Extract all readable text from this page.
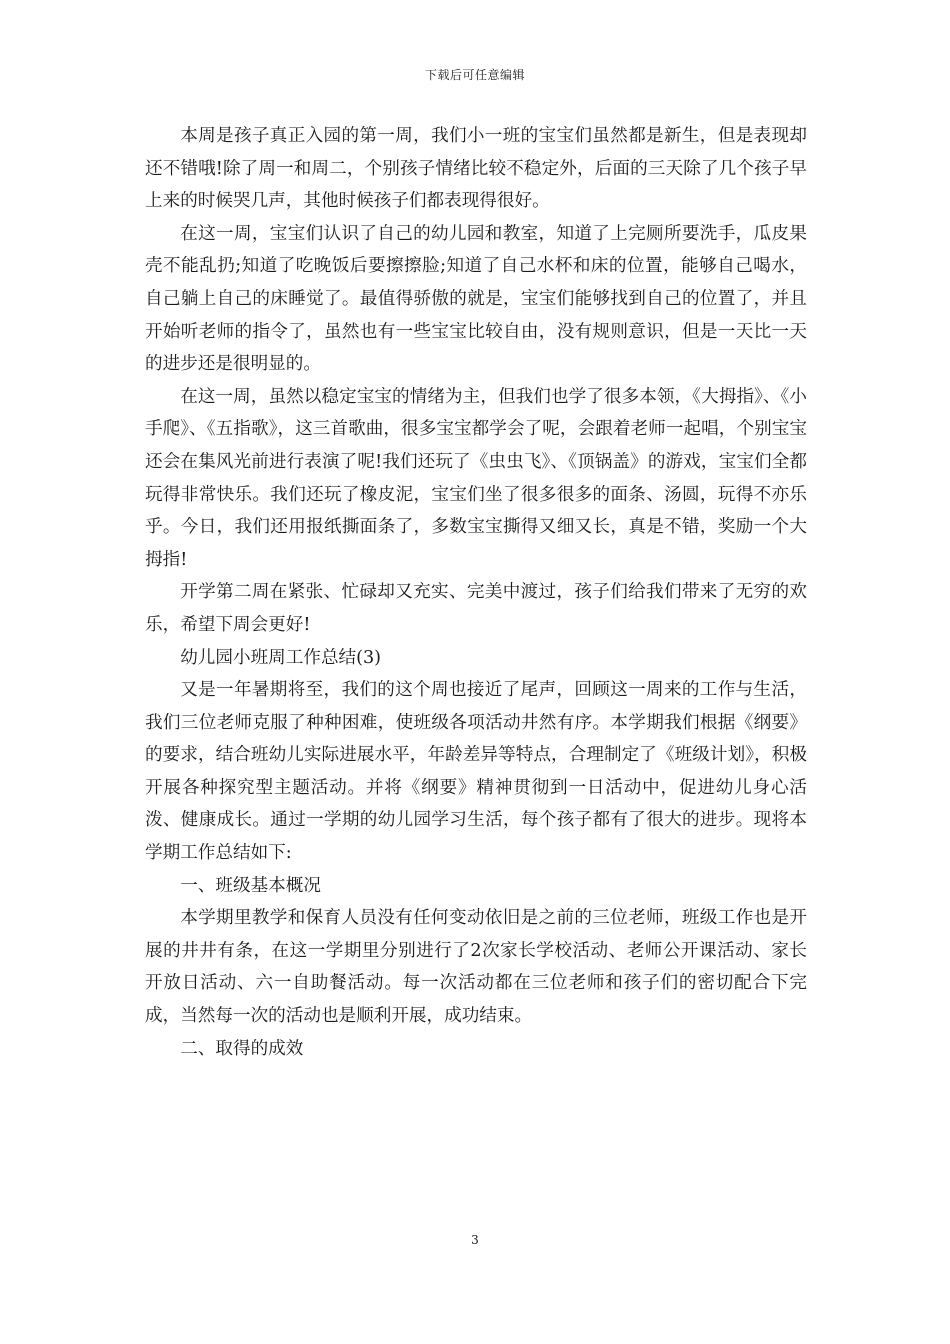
下载后可任意编辑

本周是孩子真正入园的第一周，我们小一班的宝宝们虽然都是新生，但是表现却还不错哦!除了周一和周二，个别孩子情绪比较不稳定外，后面的三天除了几个孩子早上来的时候哭几声，其他时候孩子们都表现得很好。

在这一周，宝宝们认识了自己的幼儿园和教室，知道了上完厕所要洗手，瓜皮果壳不能乱扔;知道了吃晚饭后要擦擦脸;知道了自己水杯和床的位置，能够自己喝水，自己躺上自己的床睡觉了。最值得骄傲的就是，宝宝们能够找到自己的位置了，并且开始听老师的指令了，虽然也有一些宝宝比较自由，没有规则意识，但是一天比一天的进步还是很明显的。

在这一周，虽然以稳定宝宝的情绪为主，但我们也学了很多本领，《大拇指》、《小手爬》、《五指歌》，这三首歌曲，很多宝宝都学会了呢，会跟着老师一起唱，个别宝宝还会在集风光前进行表演了呢!我们还玩了《虫虫飞》、《顶锅盖》的游戏，宝宝们全都玩得非常快乐。我们还玩了橡皮泥，宝宝们坐了很多很多的面条、汤圆，玩得不亦乐乎。今日，我们还用报纸撕面条了，多数宝宝撕得又细又长，真是不错，奖励一个大拇指!

开学第二周在紧张、忙碌却又充实、完美中渡过，孩子们给我们带来了无穷的欢乐，希望下周会更好!

幼儿园小班周工作总结(3)

又是一年暑期将至，我们的这个周也接近了尾声，回顾这一周来的工作与生活，我们三位老师克服了种种困难，使班级各项活动井然有序。本学期我们根据《纲要》的要求，结合班幼儿实际进展水平，年龄差异等特点，合理制定了《班级计划》，积极开展各种探究型主题活动。并将《纲要》精神贯彻到一日活动中，促进幼儿身心活泼、健康成长。通过一学期的幼儿园学习生活，每个孩子都有了很大的进步。现将本学期工作总结如下:

一、班级基本概况

本学期里教学和保育人员没有任何变动依旧是之前的三位老师，班级工作也是开展的井井有条，在这一学期里分别进行了2次家长学校活动、老师公开课活动、家长开放日活动、六一自助餐活动。每一次活动都在三位老师和孩子们的密切配合下完成，当然每一次的活动也是顺利开展，成功结束。

二、取得的成效

3
